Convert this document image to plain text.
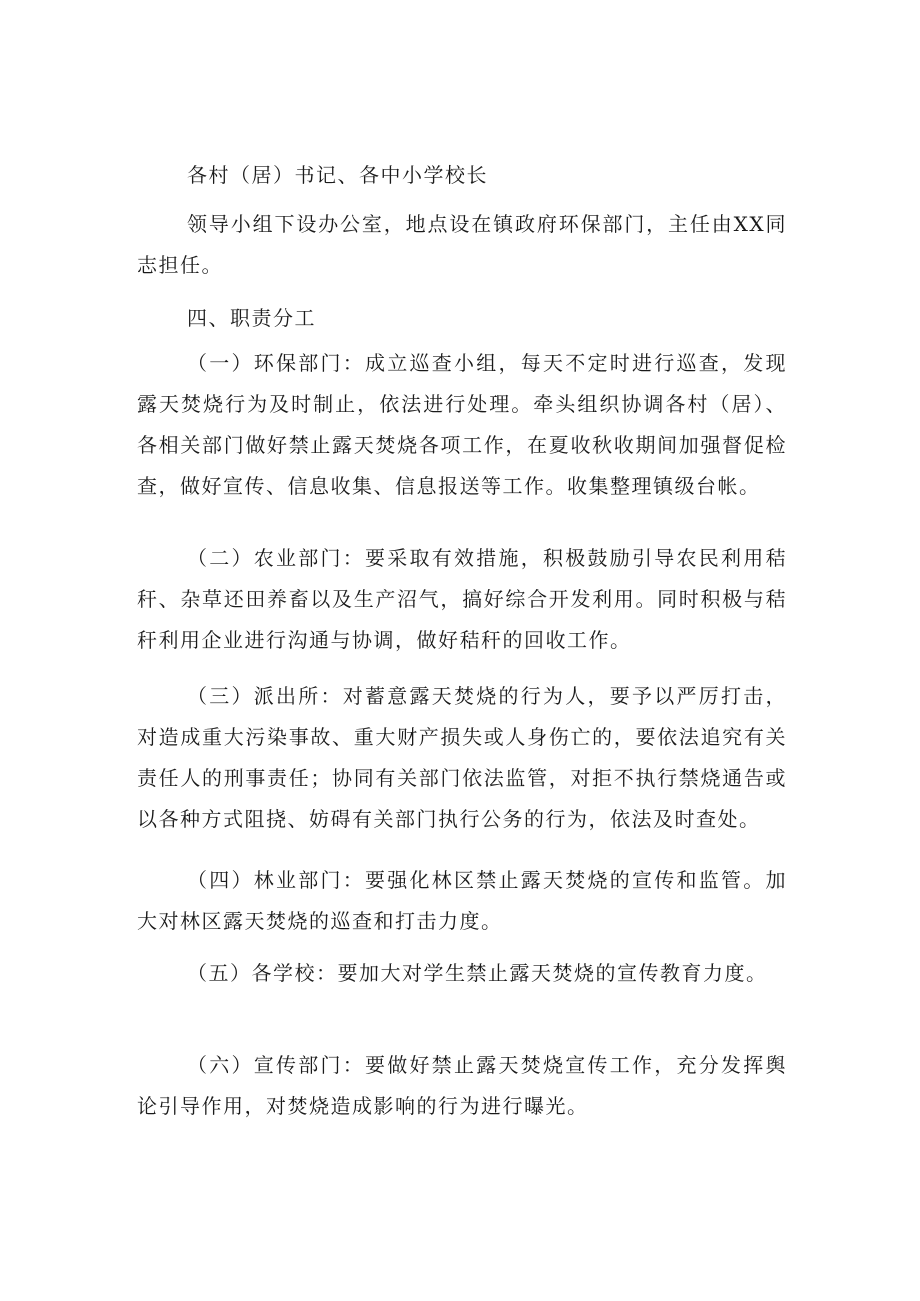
各村（居）书记、各中小学校长

领导小组下设办公室，地点设在镇政府环保部门，主任由XX同志担任。

四、职责分工

（一）环保部门：成立巡查小组，每天不定时进行巡查，发现露天焚烧行为及时制止，依法进行处理。牵头组织协调各村（居）、各相关部门做好禁止露天焚烧各项工作，在夏收秋收期间加强督促检查，做好宣传、信息收集、信息报送等工作。收集整理镇级台帐。

（二）农业部门：要采取有效措施，积极鼓励引导农民利用秸秆、杂草还田养畜以及生产沼气，搞好综合开发利用。同时积极与秸秆利用企业进行沟通与协调，做好秸秆的回收工作。

（三）派出所：对蓄意露天焚烧的行为人，要予以严厉打击，对造成重大污染事故、重大财产损失或人身伤亡的，要依法追究有关责任人的刑事责任；协同有关部门依法监管，对拒不执行禁烧通告或以各种方式阻挠、妨碍有关部门执行公务的行为，依法及时查处。

（四）林业部门：要强化林区禁止露天焚烧的宣传和监管。加大对林区露天焚烧的巡查和打击力度。

（五）各学校：要加大对学生禁止露天焚烧的宣传教育力度。

（六）宣传部门：要做好禁止露天焚烧宣传工作，充分发挥舆论引导作用，对焚烧造成影响的行为进行曝光。
